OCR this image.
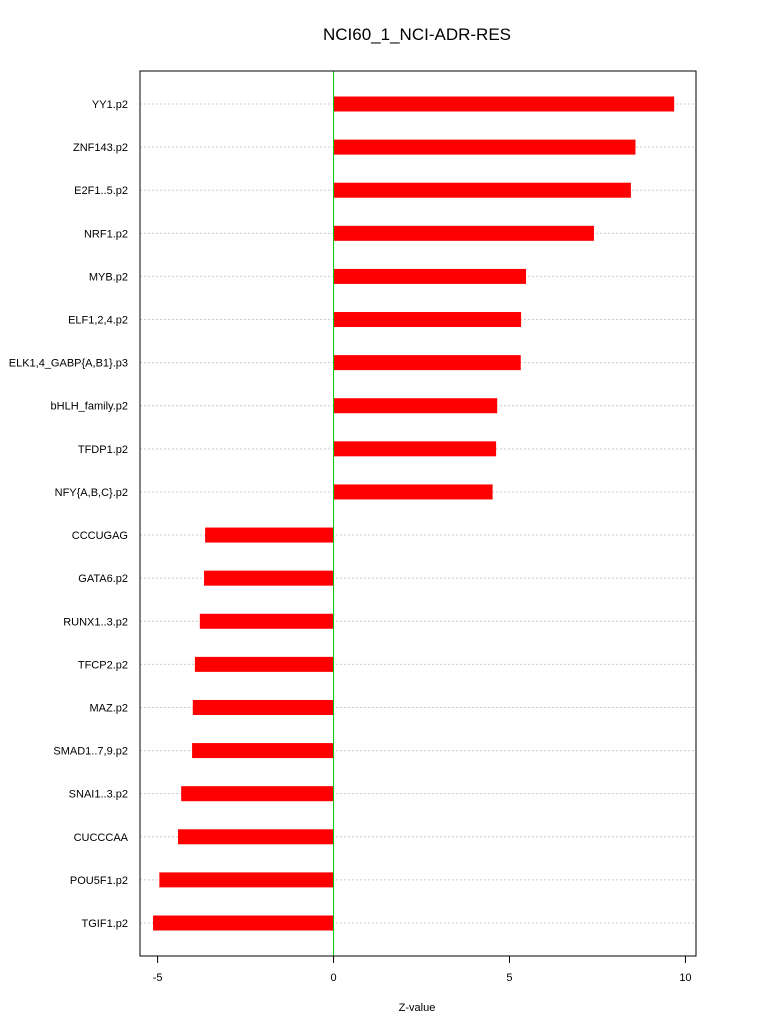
NCI60_1_NCI-ADR-RES
YY1.p2
ZNF143.p2
E2F1..5.p2
NRF1.p2
MYB.p2
ELF1,2,4.p2
ELK1,4_GABP{A,B1}.p3
bHLH_family.p2
TFDP1.p2
NFY{A,B,C}.p2
CCCUGAG
GATA6.p2
RUNX1..3.p2
TFCP2.p2
MAZ.p2
SMAD1..7,9.p2
SNAI1..3.p2
CUCCCAA
POU5F1.p2
TGIF1.p2
-5	0	5	10
Z-value
